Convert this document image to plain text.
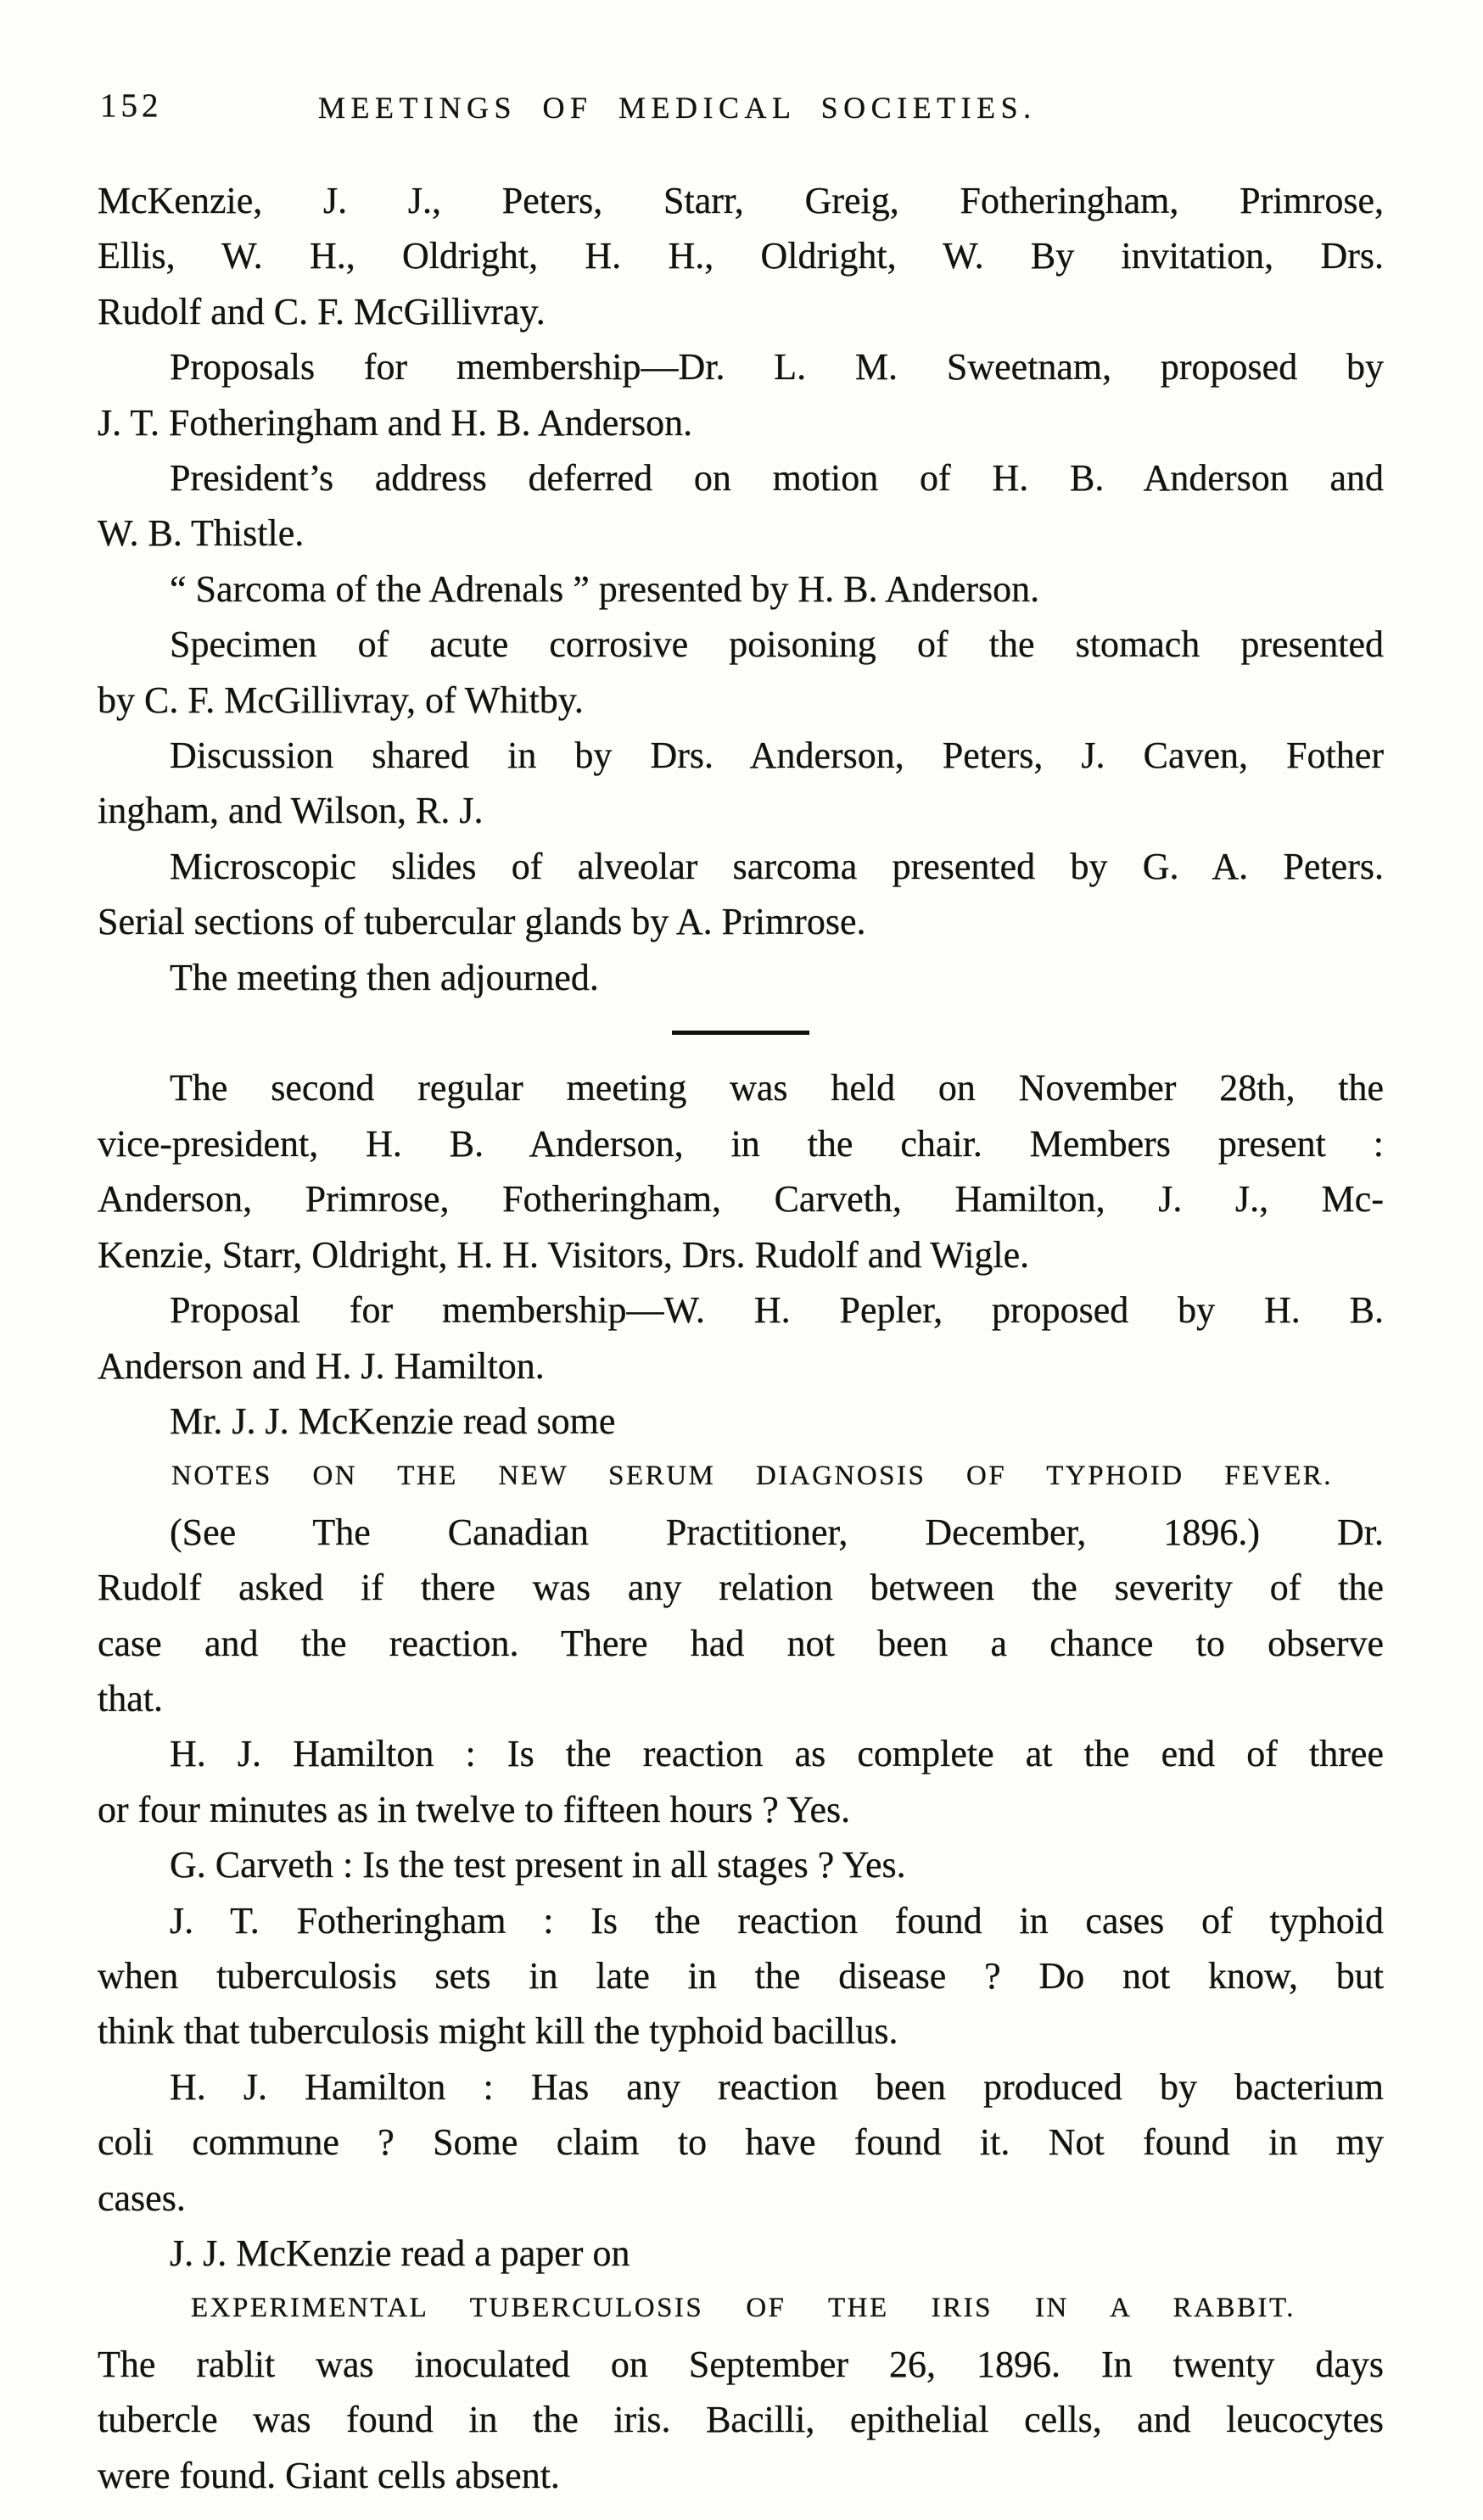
152	MEETINGS OF MEDICAL SOCIETIES.
McKenzie, J. J., Peters, Starr, Greig, Fotheringham, Primrose,
Ellis, W. H., Oldright, H. H., Oldright, W. By invitation, Drs.
Rudolf and C. F. McGillivray.
Proposals for membership—Dr. L. M. Sweetnam, proposed by
J. T. Fotheringham and H. B. Anderson.
President’s address deferred on motion of H. B. Anderson and
W. B. Thistle.
“ Sarcoma of the Adrenals ” presented by H. B. Anderson.
Specimen of acute corrosive poisoning of the stomach presented
by C. F. McGillivray, of Whitby.
Discussion shared in by Drs. Anderson, Peters, J. Caven, Fother
ingham, and Wilson, R. J.
Microscopic slides of alveolar sarcoma presented by G. A. Peters.
Serial sections of tubercular glands by A. Primrose.
The meeting then adjourned.
The second regular meeting was held on November 28th, the
vice-president, H. B. Anderson, in the chair. Members present :
Anderson, Primrose, Fotheringham, Carveth, Hamilton, J. J., Mc-
Kenzie, Starr, Oldright, H. H. Visitors, Drs. Rudolf and Wigle.
Proposal for membership—W. H. Pepler, proposed by H. B.
Anderson and H. J. Hamilton.
Mr. J. J. McKenzie read some
NOTES ON THE NEW SERUM DIAGNOSIS OF TYPHOID FEVER.
(See The Canadian Practitioner, December, 1896.) Dr.
Rudolf asked if there was any relation between the severity of the
case and the reaction. There had not been a chance to observe
that.
H. J. Hamilton : Is the reaction as complete at the end of three
or four minutes as in twelve to fifteen hours ? Yes.
G. Carveth : Is the test present in all stages ? Yes.
J. T. Fotheringham : Is the reaction found in cases of typhoid
when tuberculosis sets in late in the disease ? Do not know, but
think that tuberculosis might kill the typhoid bacillus.
H. J. Hamilton : Has any reaction been produced by bacterium
coli commune ? Some claim to have found it. Not found in my
cases.
J. J. McKenzie read a paper on
EXPERIMENTAL TUBERCULOSIS OF THE IRIS IN A RABBIT.
The rablit was inoculated on September 26, 1896. In twenty days
tubercle was found in the iris. Bacilli, epithelial cells, and leucocytes
were found. Giant cells absent.
